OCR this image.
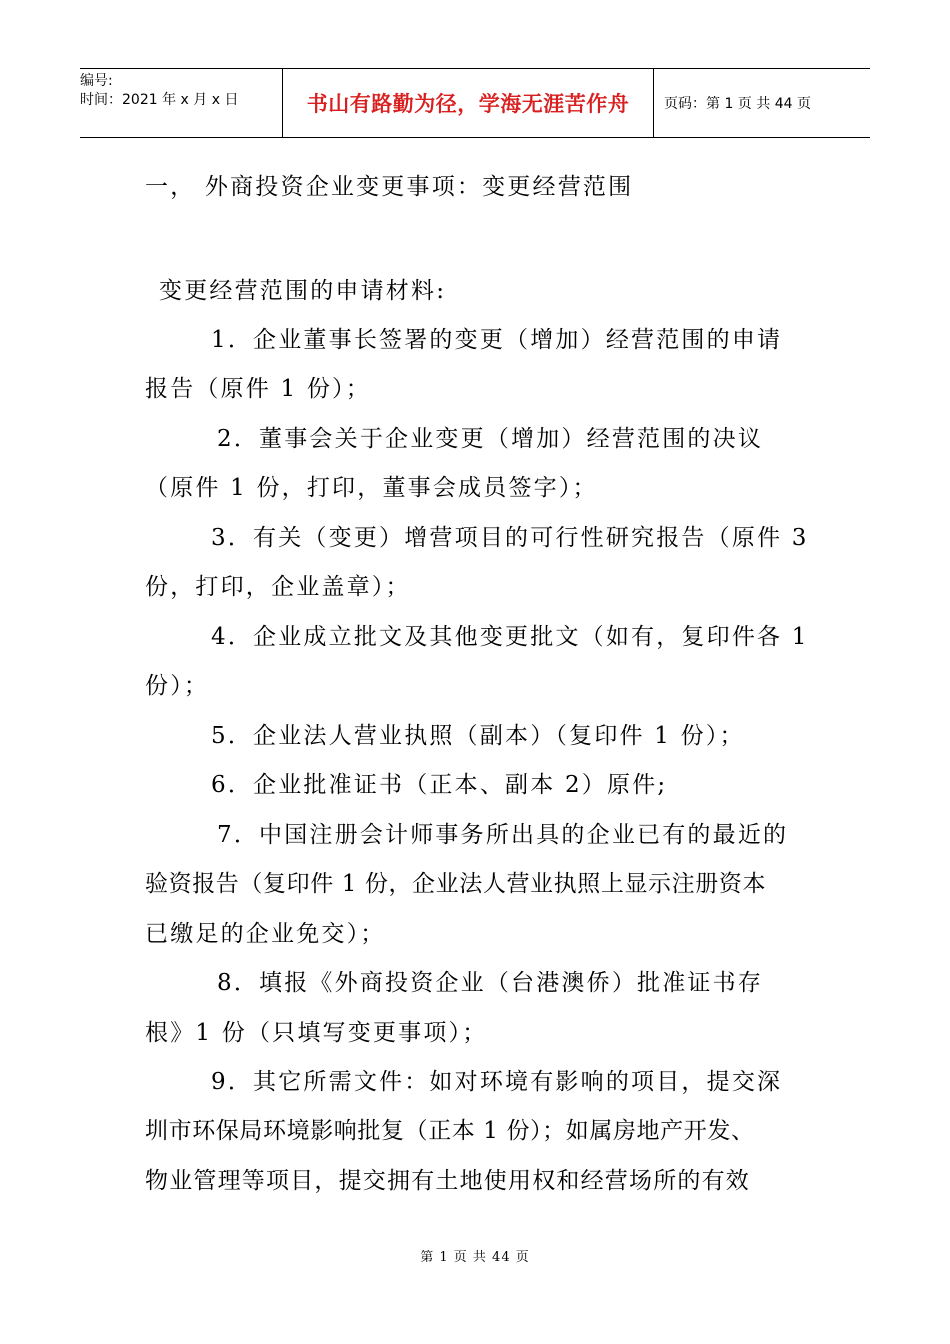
编号:
时间：2021 年 x 月 x 日	书山有路勤为径，学海无涯苦作舟 页码：第 1 页 共 44 页
一， 外商投资企业变更事项：变更经营范围
变更经营范围的申请材料:
1．企业董事长签署的变更（增加）经营范围的申请
报告（原件 1 份）；
2．董事会关于企业变更（增加）经营范围的决议
（原件 1 份，打印，董事会成员签字）；
3．有关（变更）增营项目的可行性研究报告（原件 3
份，打印，企业盖章）；
4．企业成立批文及其他变更批文（如有，复印件各 1
份）；
5．企业法人营业执照（副本）（复印件 1 份）；
6．企业批准证书（正本、副本 2）原件;
7．中国注册会计师事务所出具的企业已有的最近的
验资报告（复印件 1 份，企业法人营业执照上显示注册资本
已缴足的企业免交）；
8．填报《外商投资企业（台港澳侨）批准证书存
根》1 份（只填写变更事项）；
9．其它所需文件：如对环境有影响的项目，提交深
圳市环保局环境影响批复（正本 1 份）；如属房地产开发、
物业管理等项目，提交拥有土地使用权和经营场所的有效
第 1 页 共 44 页
